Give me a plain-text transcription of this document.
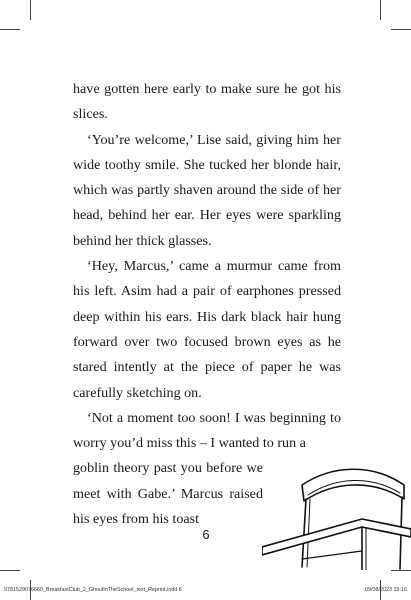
have gotten here early to make sure he got his slices.

‘You’re welcome,’ Lise said, giving him her wide toothy smile. She tucked her blonde hair, which was partly shaven around the side of her head, behind her ear. Her eyes were sparkling behind her thick glasses.

‘Hey, Marcus,’ came a murmur came from his left. Asim had a pair of earphones pressed deep within his ears. His dark black hair hung forward over two focused brown eyes as he stared intently at the piece of paper he was carefully sketching on.

‘Not a moment too soon! I was beginning to worry you’d miss this – I wanted to run a

goblin theory past you before we meet with Gabe.’ Marcus raised his eyes from his toast

6
9781529076660_BreakfastClub_2_GhoulInTheSchool_text_Reprint.indd 6	09/08/2023 15:16
